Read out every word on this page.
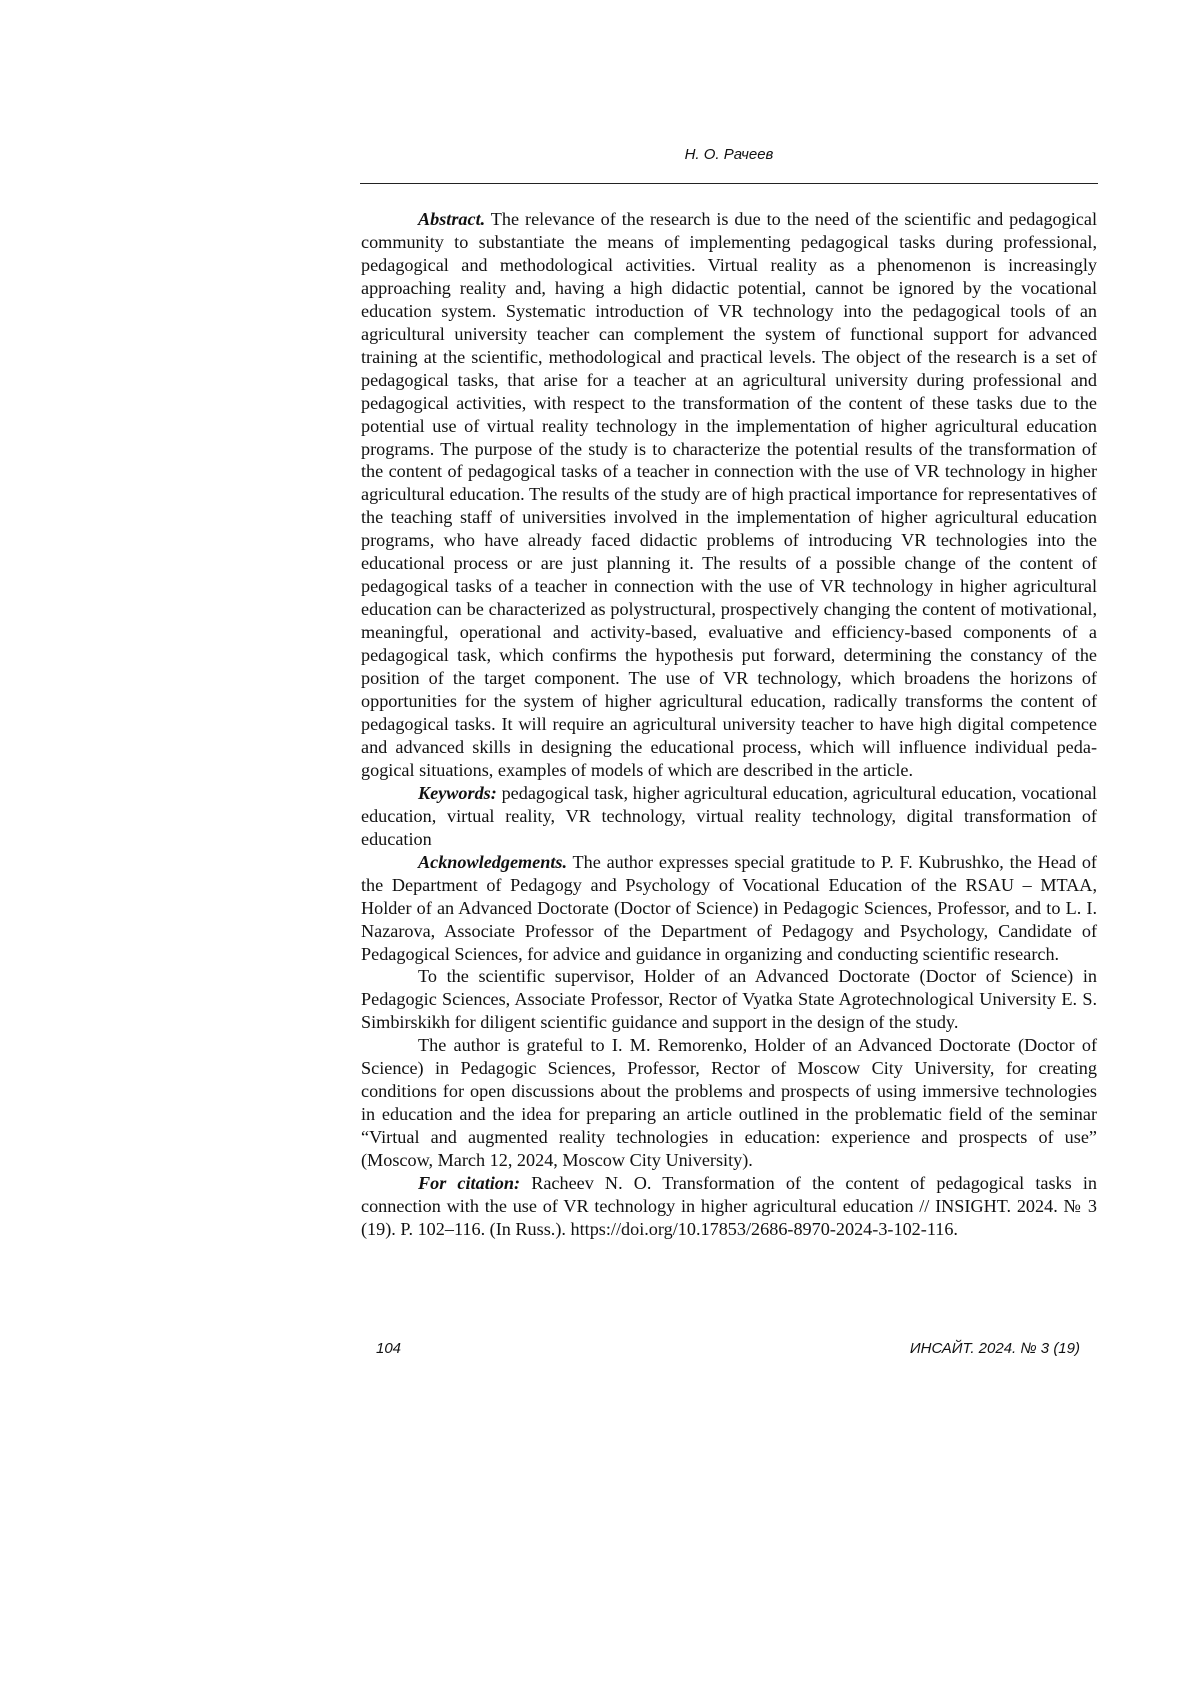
Н. О. Рачеев

Abstract. The relevance of the research is due to the need of the scientific and pedagogical community to substantiate the means of implementing pedagogical tasks du­ring professional, pedagogical and methodological activities. Virtual reality as a phenome­non is increasingly approaching reality and, having a high didactic potential, cannot be igno­red by the vocational education system. Systematic introduction of VR technology into the pedagogical tools of an agricultural university teacher can complement the system of functional support for advanced training at the scientific, methodological and practical levels. The object of the research is a set of pedagogical tasks, that arise for a teacher at an agricultural university during professional and pedagogical activities, with respect to the transformation of the content of these tasks due to the potential use of virtual reality tech­nology in the implementation of higher agricultural education programs. The purpose of the study is to characterize the potential results of the transformation of the content of pedagogical tasks of a teacher in connection with the use of VR technology in higher agri­cultural education. The results of the study are of high practical importance for representa­tives of the teaching staff of universities involved in the implementation of higher agricultu­ral education programs, who have already faced didactic problems of introducing VR tech­nologies into the educational process or are just planning it. The results of a possible chan­ge of the content of pedagogical tasks of a teacher in connection with the use of VR tech­nology in higher agricultural education can be characterized as polystructural, prospec­tively changing the content of motivational, meaningful, operational and activity-based, evaluative and efficiency-based components of a pedagogical task, which confirms the hypothesis put forward, determining the constancy of the position of the target compo­nent. The use of VR technology, which broadens the horizons of opportunities for the sys­tem of higher agricultural education, radically transforms the content of pedagogical tasks. It will require an agricultural university teacher to have high digital competence and ad­vanced skills in designing the educational process, which will influence individual peda­gogical situations, examples of models of which are described in the article.

Keywords: pedagogical task, higher agricultural education, agricultural education, vocational education, virtual reality, VR technology, virtual reality technology, digital transformation of education

Acknowledgements. The author expresses special gratitude to P. F. Kubrushko, the Head of the Department of Pedagogy and Psychology of Vocational Education of the RSAU – MTAA, Holder of an Advanced Doctorate (Doctor of Science) in Pedagogic Scien­ces, Professor, and to L. I. Nazarova, Associate Professor of the Department of Pedagogy and Psychology, Candidate of Pedagogical Sciences, for advice and guidance in organizing and conducting scientific research.

To the scientific supervisor, Holder of an Advanced Doctorate (Doctor of Science) in Pedagogic Sciences, Associate Professor, Rector of Vyatka State Agrotechnological Univer­sity E. S. Simbirskikh for diligent scientific guidance and support in the design of the study.

The author is grateful to I. M. Remorenko, Holder of an Advanced Doctorate (Doc­tor of Science) in Pedagogic Sciences, Professor, Rector of Moscow City University, for creating conditions for open discussions about the problems and prospects of using im­mersive technologies in education and the idea for preparing an article outlined in the problematic field of the seminar “Virtual and augmented reality technologies in education: experience and prospects of use” (Moscow, March 12, 2024, Moscow City University).

For citation: Racheev N. O. Transformation of the content of pedagogical tasks in connection with the use of VR technology in higher agricultural education // INSIGHT. 2024. № 3 (19). P. 102–116. (In Russ.). https://doi.org/10.17853/2686-8970-2024-3-102-116.

104	ИНСАЙТ. 2024. № 3 (19)
